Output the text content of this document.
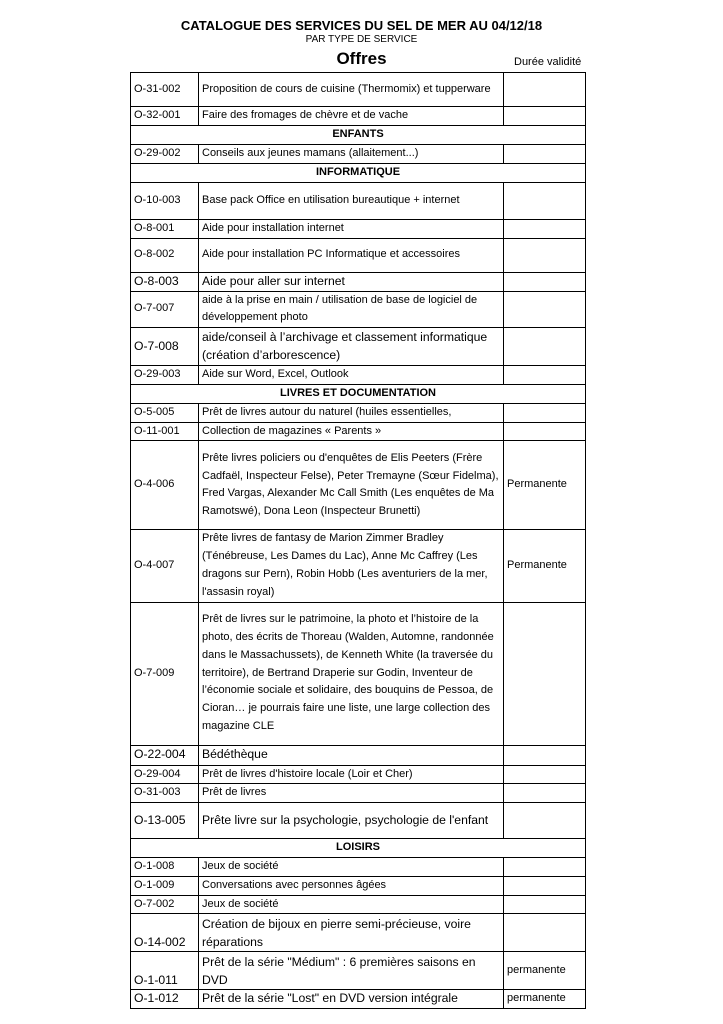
CATALOGUE DES SERVICES DU SEL DE MER AU 04/12/18
PAR TYPE DE SERVICE
Offres	Durée validité
O-31-002	Proposition de cours de cuisine (Thermomix) et tupperware	
O-32-001	Faire des fromages de chèvre et de vache	
ENFANTS		
O-29-002	Conseils aux jeunes mamans (allaitement...)	
INFORMATIQUE		
O-10-003	Base pack Office en utilisation bureautique + internet	
O-8-001	Aide pour installation internet	
O-8-002	Aide pour installation PC Informatique et accessoires	
O-8-003	Aide pour aller sur internet	
O-7-007	aide à la prise en main / utilisation de base de logiciel de développement photo	
O-7-008	aide/conseil à l’archivage et classement informatique (création d’arborescence)	
O-29-003	Aide sur Word, Excel, Outlook	
LIVRES ET DOCUMENTATION		
O-5-005	Prêt de livres autour du naturel (huiles essentielles,	
O-11-001	Collection de magazines « Parents »	
O-4-006	Prête livres policiers ou d'enquêtes de Elis Peeters (Frère Cadfaël, Inspecteur Felse), Peter Tremayne (Sœur Fidelma), Fred Vargas, Alexander Mc Call Smith (Les enquêtes de Ma Ramotswé), Dona Leon (Inspecteur Brunetti)	Permanente
O-4-007	Prête livres de fantasy de Marion Zimmer Bradley (Ténébreuse, Les Dames du Lac), Anne Mc Caffrey (Les dragons sur Pern), Robin Hobb (Les aventuriers de la mer, l'assasin royal)	Permanente
O-7-009	Prêt de livres sur le patrimoine, la photo et l’histoire de la photo, des écrits de Thoreau (Walden, Automne, randonnée dans le Massachussets), de Kenneth White (la traversée du territoire), de Bertrand Draperie sur Godin, Inventeur de l’économie sociale et solidaire, des bouquins de Pessoa, de Cioran… je pourrais faire une liste, une large collection des magazine CLE	
O-22-004	Bédéthèque	
O-29-004	Prêt de livres d'histoire locale (Loir et Cher)	
O-31-003	Prêt de livres	
O-13-005	Prête livre sur la psychologie, psychologie de l'enfant	
LOISIRS		
O-1-008	Jeux de société	
O-1-009	Conversations avec personnes âgées	
O-7-002	Jeux de société	
O-14-002	Création de bijoux en pierre semi-précieuse, voire réparations	
O-1-011	Prêt de la série "Médium" : 6 premières saisons en DVD	permanente
O-1-012	Prêt de la série "Lost" en DVD version intégrale	permanente
